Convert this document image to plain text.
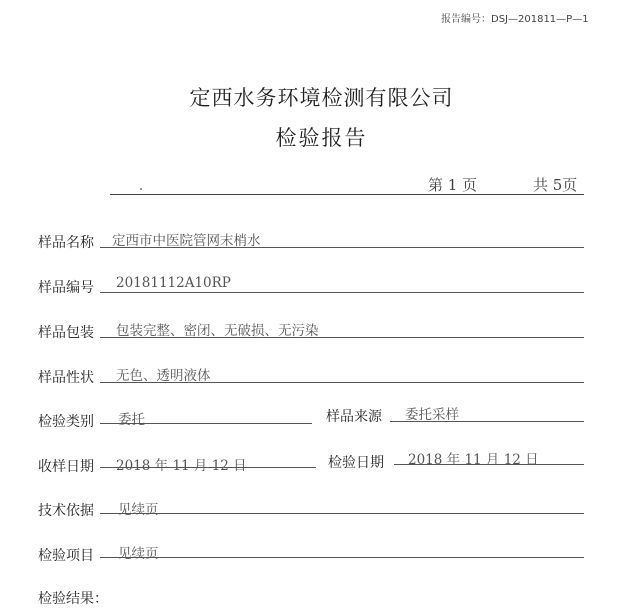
报告编号：DSJ—201811—P—1
定西水务环境检测有限公司
检验报告
第 1 页	共 5页
样品名称 定西市中医院管网末梢水
样品编号 20181112A10RP
样品包装 包装完整、密闭、无破损、无污染
样品性状 无色、透明液体
检验类别 委托	样品来源 委托采样
收样日期 2018 年 11 月 12 日	检验日期 2018 年 11 月 12 日
技术依据 见续页
检验项目 见续页
检验结果：
